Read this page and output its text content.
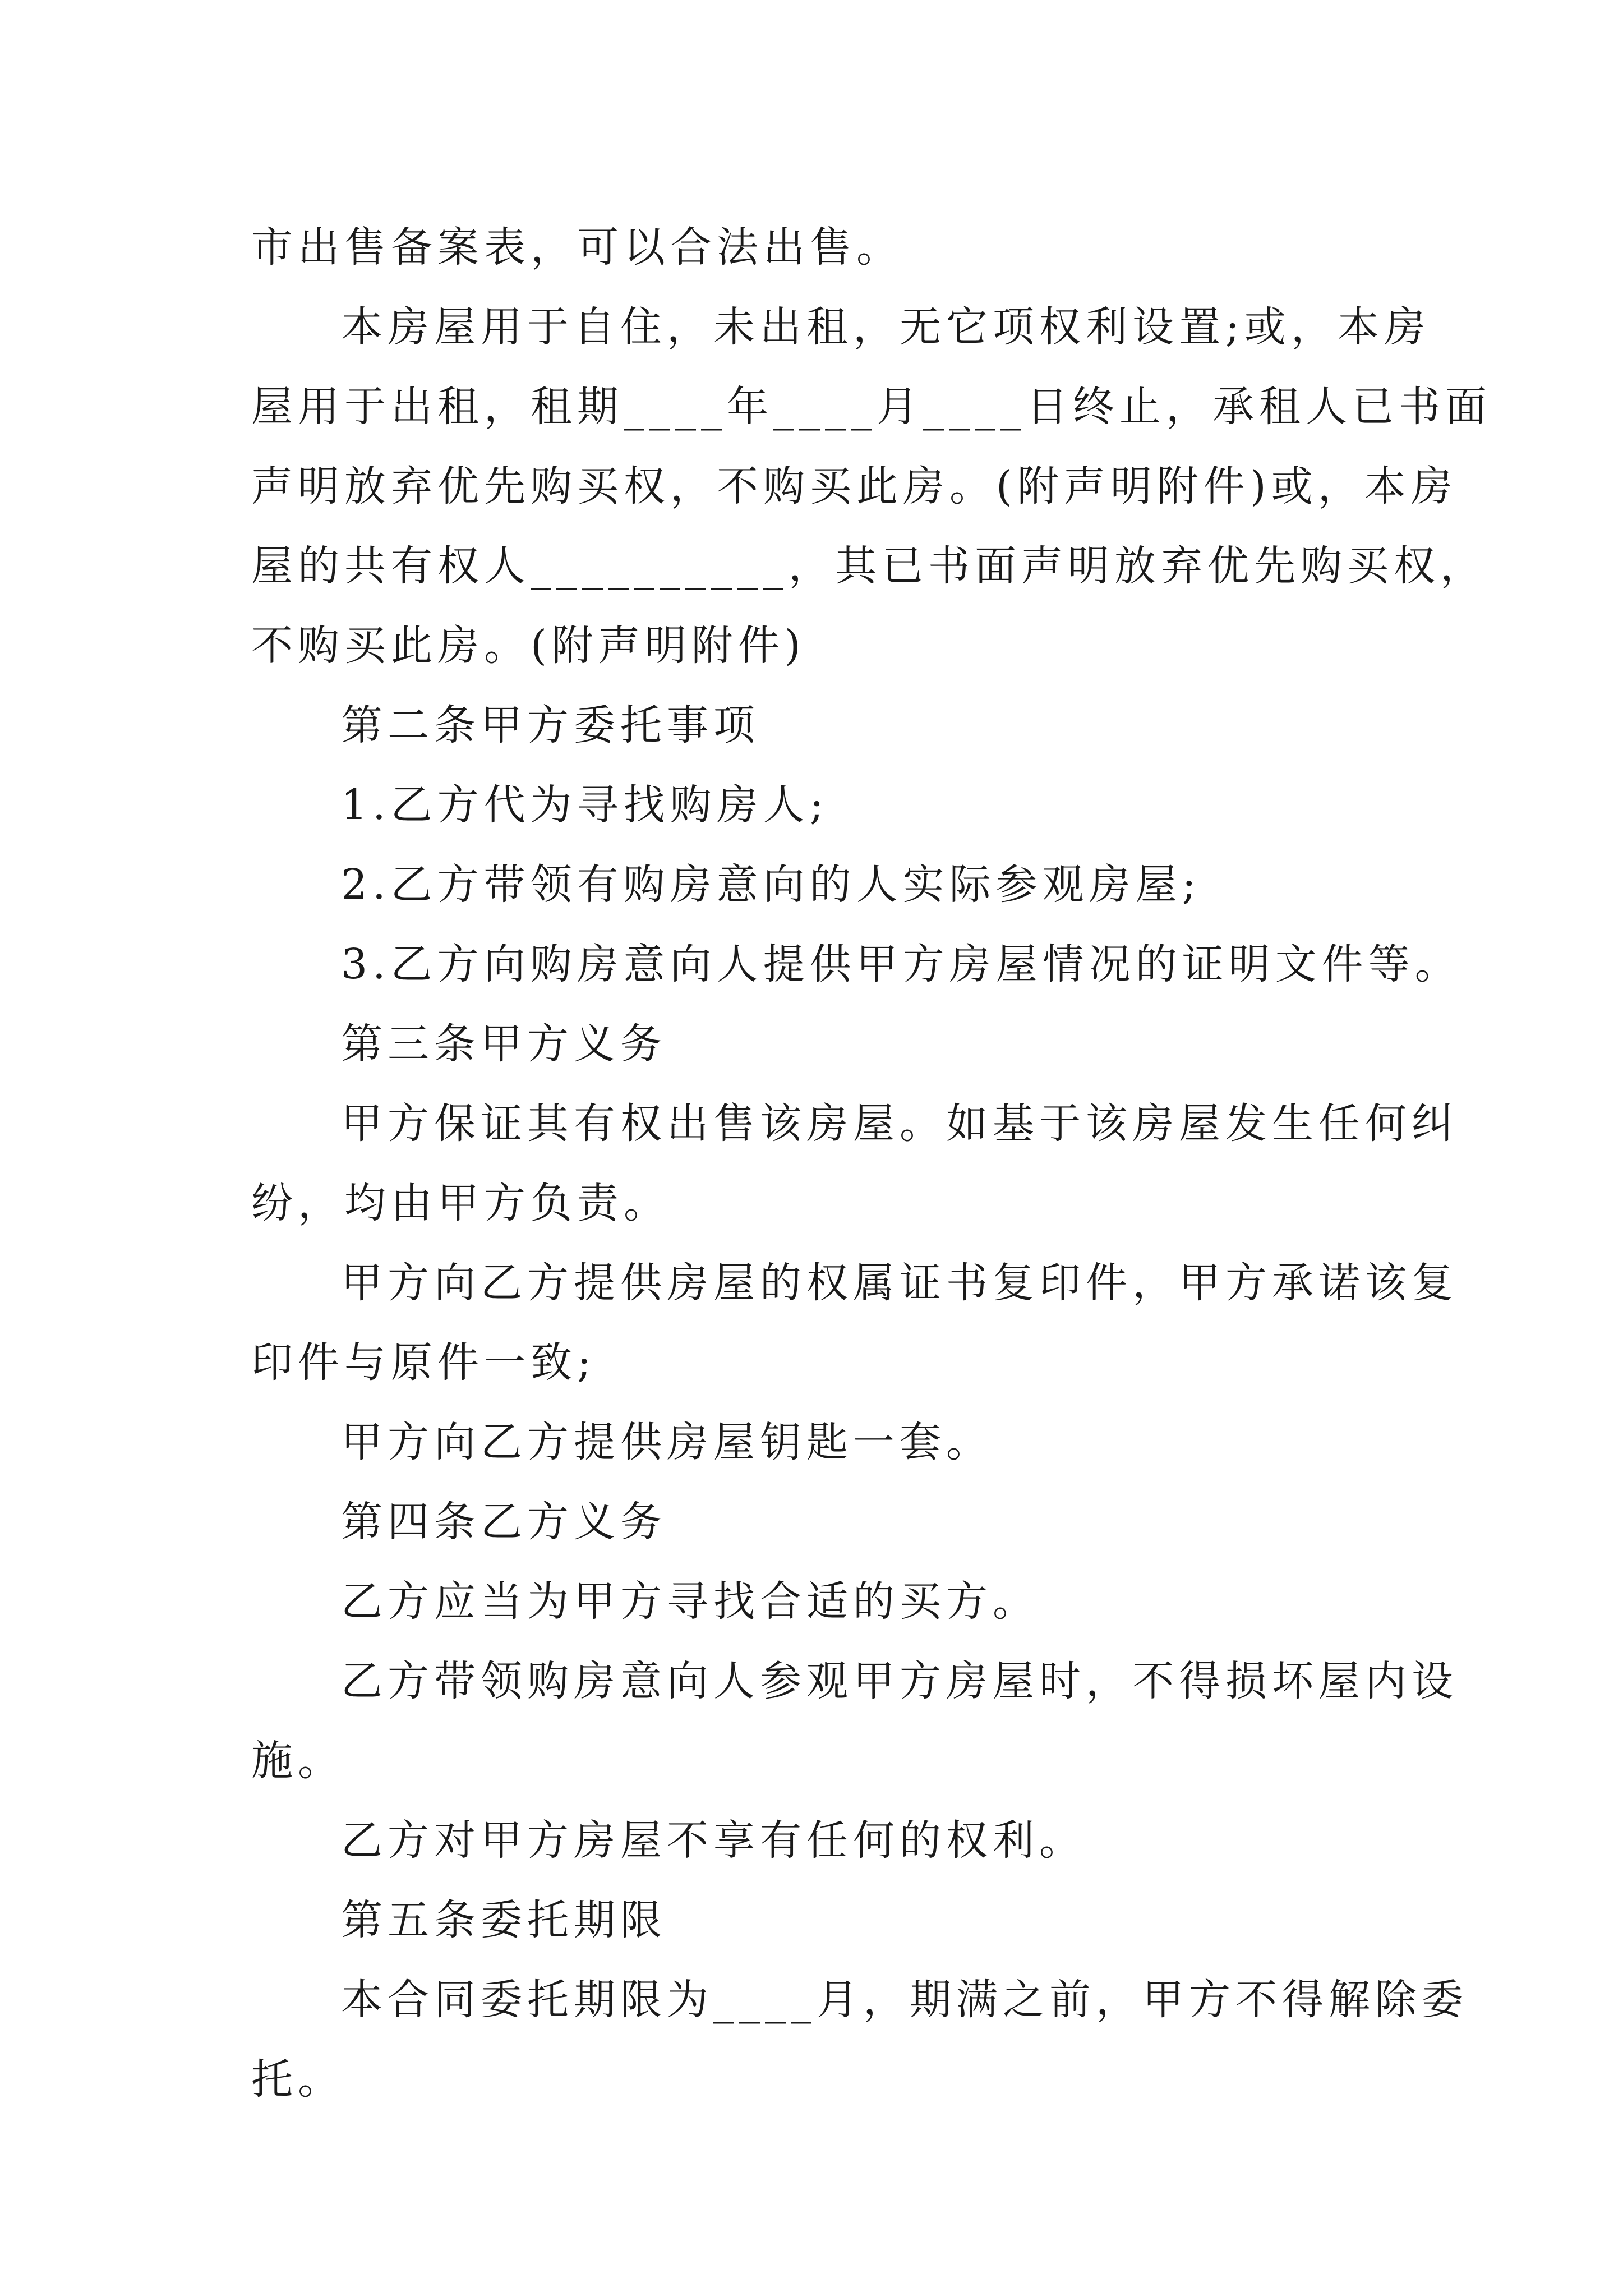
市出售备案表，可以合法出售。
本房屋用于自住，未出租，无它项权利设置;或，本房
屋用于出租，租期____年____月____日终止，承租人已书面
声明放弃优先购买权，不购买此房。(附声明附件)或，本房
屋的共有权人__________，其已书面声明放弃优先购买权，
不购买此房。(附声明附件)
第二条甲方委托事项
1.乙方代为寻找购房人;
2.乙方带领有购房意向的人实际参观房屋;
3.乙方向购房意向人提供甲方房屋情况的证明文件等。
第三条甲方义务
甲方保证其有权出售该房屋。如基于该房屋发生任何纠
纷，均由甲方负责。
甲方向乙方提供房屋的权属证书复印件，甲方承诺该复
印件与原件一致;
甲方向乙方提供房屋钥匙一套。
第四条乙方义务
乙方应当为甲方寻找合适的买方。
乙方带领购房意向人参观甲方房屋时，不得损坏屋内设
施。
乙方对甲方房屋不享有任何的权利。
第五条委托期限
本合同委托期限为____月，期满之前，甲方不得解除委
托。
